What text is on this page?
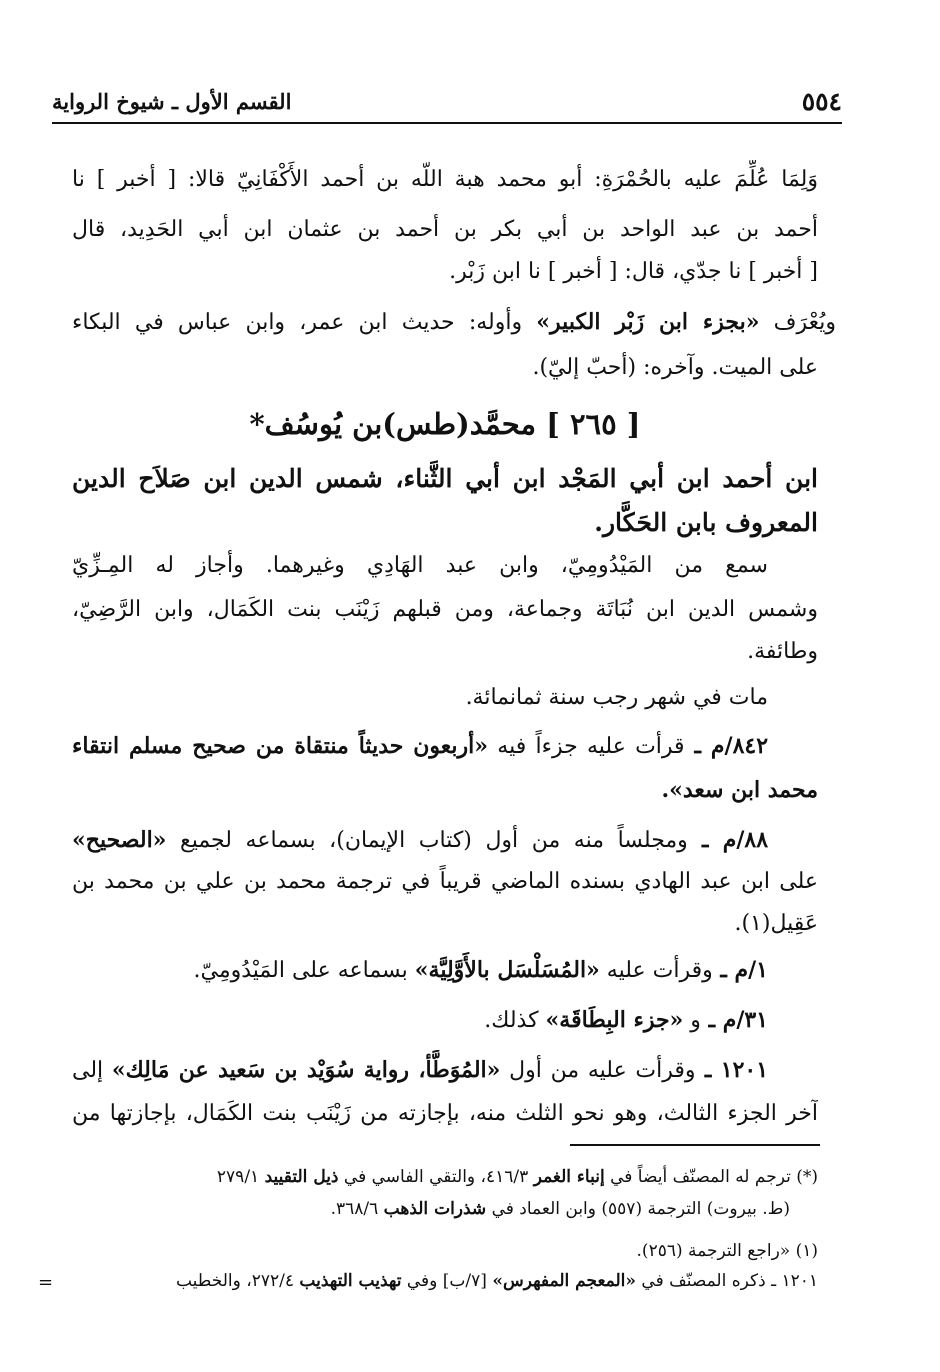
٥٥٤
القسم الأول ـ شيوخ الرواية
وَلِمَا عُلِّمَ عليه بالحُمْرَةِ: أبو محمد هبة اللّه بن أحمد الأَكْفَانِيّ قالا: [ أخبر ] نا
أحمد بن عبد الواحد بن أبي بكر بن أحمد بن عثمان ابن أبي الحَدِيد، قال
[ أخبر ] نا جدّي، قال: [ أخبر ] نا ابن زَبْر.
ويُعْرَف «بجزء ابن زَبْر الكبير» وأوله: حديث ابن عمر، وابن عباس في البكاء
على الميت. وآخره: (أحبّ إليّ).
[ ٢٦٥ ] محمَّد(طس)بن يُوسُف*
ابن أحمد ابن أبي المَجْد ابن أبي الثَّناء، شمس الدين ابن صَلاَح الدين
المعروف بابن الحَكَّار.
سمع من المَيْدُومِيّ، وابن عبد الهَادِي وغيرهما. وأجاز له المِـزِّيّ
وشمس الدين ابن نُبَاتَة وجماعة، ومن قبلهم زَيْنَب بنت الكَمَال، وابن الرَّضِيّ،
وطائفة.
مات في شهر رجب سنة ثمانمائة.
٨٤٢/م ـ قرأت عليه جزءاً فيه «أربعون حديثاً منتقاة من صحيح مسلم انتقاء
محمد ابن سعد».
٨٨/م ـ ومجلساً منه من أول (كتاب الإيمان)، بسماعه لجميع «الصحيح»
على ابن عبد الهادي بسنده الماضي قريباً في ترجمة محمد بن علي بن محمد بن
عَقِيل(١).
١/م ـ وقرأت عليه «المُسَلْسَل بالأَوَّلِيَّة» بسماعه على المَيْدُومِيّ.
٣١/م ـ و «جزء البِطَاقَة» كذلك.
١٢٠١ ـ وقرأت عليه من أول «المُوَطَّأ، رواية سُوَيْد بن سَعيد عن مَالِك» إلى
آخر الجزء الثالث، وهو نحو الثلث منه، بإجازته من زَيْنَب بنت الكَمَال، بإجازتها من
(*) ترجم له المصنّف أيضاً في إنباء الغمر ٤١٦/٣، والتقي الفاسي في ذيل التقييد ٢٧٩/١
(ط. بيروت) الترجمة (٥٥٧) وابن العماد في شذرات الذهب ٣٦٨/٦.
(١) «راجع الترجمة (٢٥٦).
١٢٠١ ـ ذكره المصنّف في «المعجم المفهرس» [٧/ب] وفي تهذيب التهذيب ٢٧٢/٤، والخطيب
=
